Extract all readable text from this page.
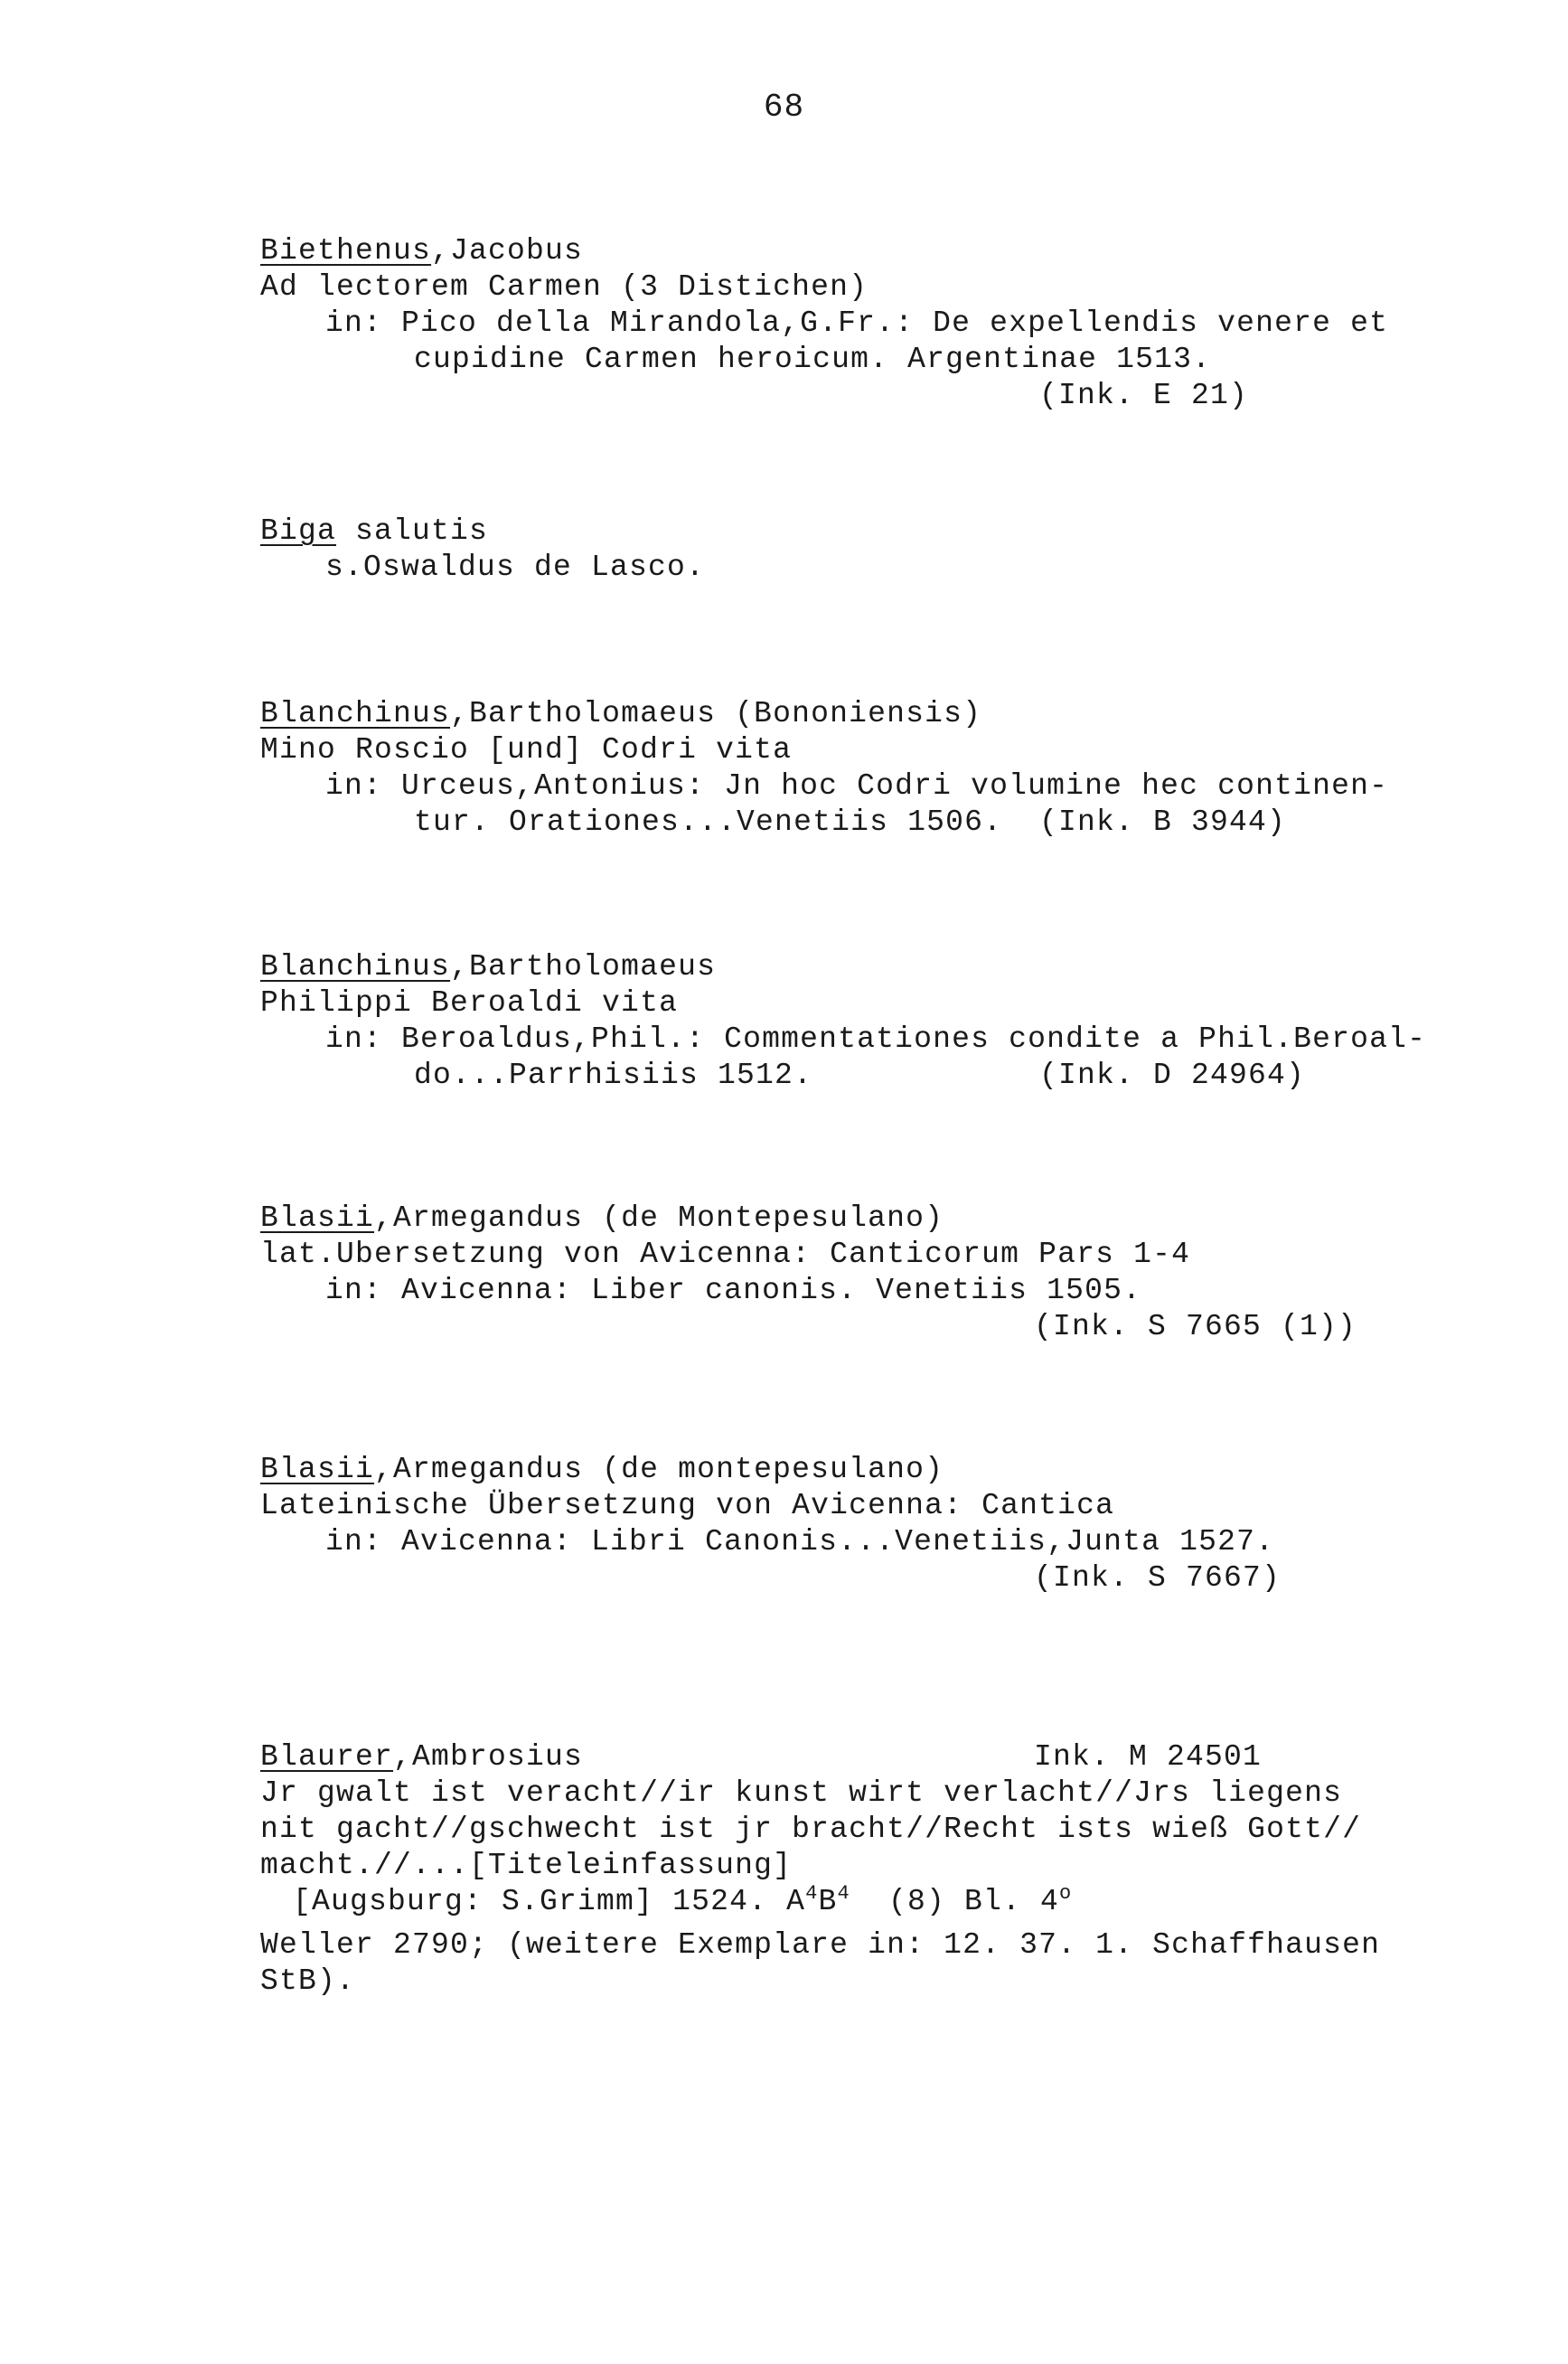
68
Biethenus,Jacobus
Ad lectorem Carmen (3 Distichen)
in: Pico della Mirandola,G.Fr.: De expellendis venere et
cupidine Carmen heroicum. Argentinae 1513.
(Ink. E 21)
Biga salutis
s.Oswaldus de Lasco.
Blanchinus,Bartholomaeus (Bononiensis)
Mino Roscio [und] Codri vita
in: Urceus,Antonius: Jn hoc Codri volumine hec continen-
tur. Orationes...Venetiis 1506. (Ink. B 3944)
Blanchinus,Bartholomaeus
Philippi Beroaldi vita
in: Beroaldus,Phil.: Commentationes condite a Phil.Beroal-
do...Parrhisiis 1512.	(Ink. D 24964)
Blasii,Armegandus (de Montepesulano)
lat.Ubersetzung von Avicenna: Canticorum Pars 1-4
in: Avicenna: Liber canonis. Venetiis 1505.
(Ink. S 7665 (1))
Blasii,Armegandus (de montepesulano)
Lateinische Übersetzung von Avicenna: Cantica
in: Avicenna: Libri Canonis...Venetiis,Junta 1527.
(Ink. S 7667)
Blaurer,Ambrosius	Ink. M 24501
Jr gwalt ist veracht//ir kunst wirt verlacht//Jrs liegens
nit gacht//gschwecht ist jr bracht//Recht ists wieß Gott//
macht.//...[Titeleinfassung]
[Augsburg: S.Grimm] 1524. $A^4B^4$ (8) Bl. 4$^o$
Weller 2790; (weitere Exemplare in: 12. 37. 1. Schaffhausen
StB).
